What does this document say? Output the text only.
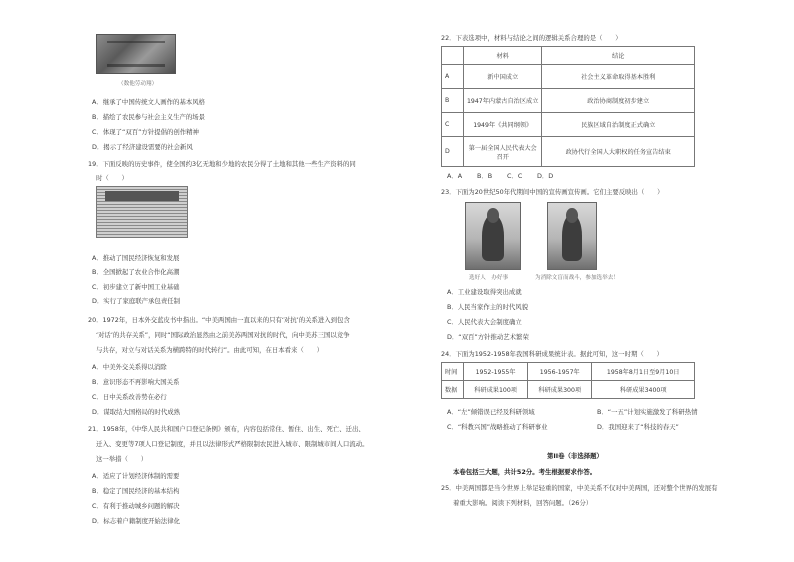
（数他劳动翔）
A．继承了中国传统文人画作的基本风格
B．描绘了农民参与社会主义生产的场景
C．体现了“双百”方针提倡的创作精神
D．揭示了经济建设需要的社会新风
19．下面反映的历史事件，使全国约3亿无地和少地的农民分得了土地和其他一些生产资料的同
时（　　）
A．推动了国民经济恢复和发展
B．全国掀起了农业合作化高潮
C．初步建立了新中国工业基础
D．实行了家庭联产承包责任制
20．1972年，日本外交蓝皮书中指出。“中美两国由一直以来的只有‘对抗’的关系进入到包含
‘对话’的共存关系”，同时“国际政治显然由之前美苏两国对抗的时代，向中美苏三国以竞争
与共存，对立与对话关系为横跨特的时代转行”。由此可知，在日本看来（　　）
A．中美外交关系得以消除
B．意识形态不再影响大国关系
C．日中关系改善势在必行
D．谋取结大国格局的时代成熟
21．1958年，《中华人民共和国户口登记条例》颁布，内容包括常住、暂住、出生、死亡、迁出、
迁入、变更等7项人口登记制度，并且以法律形式严格限制农民进入城市、限制城市间人口流动。
这一举措（　　）
A．适应了计划经济体制的需要
B．稳定了国民经济的基本结构
C．有利于推动城乡问题的解决
D．标志着户籍制度开始法律化
22．下表选项中，材料与结论之间的逻辑关系合理的是（　　）
	材料	结论
A	新中国成立	社会主义革命取得基本胜利
B	1947年内蒙古自治区成立	政治协商制度初步建立
C	1949年《共同纲领》	民族区域自治制度正式确立
D	第一届全国人民代表大会召开	政协代行全国人大职权的任务宣告结束
A．A B．B C．C D．D
23．下面为20世纪50年代期间中国的宣传画宣传画。它们主要反映出（　　）
选好人　办好事	为消除文盲而战斗，参加选举去！
A．工业建设取得突出成就
B．人民当家作主的时代风貌
C．人民代表大会制度确立
D．“双百”方针推动艺术繁荣
24．下面为1952-1958年我国科研成果统计表。据此可知，这一时期（　　）
时间	1952-1955年	1956-1957年	1958年8月1日至9月10日
数据	科研成果100项	科研成果300项	科研成果3400项
A．“左”倾错误已经及科研领域	B．“一五”计划实施激发了科研热情
C．“科教兴国”战略推动了科研事业	D．我国迎来了“科技的春天”
第II卷（非选择题）
本卷包括三大题，共计52分。考生根据要求作答。
25．中美两国都是当今世界上举足轻重的国家，中美关系不仅对中美两国，还对整个世界的发展有
着重大影响。阅读下列材料，回答问题。（26分）
